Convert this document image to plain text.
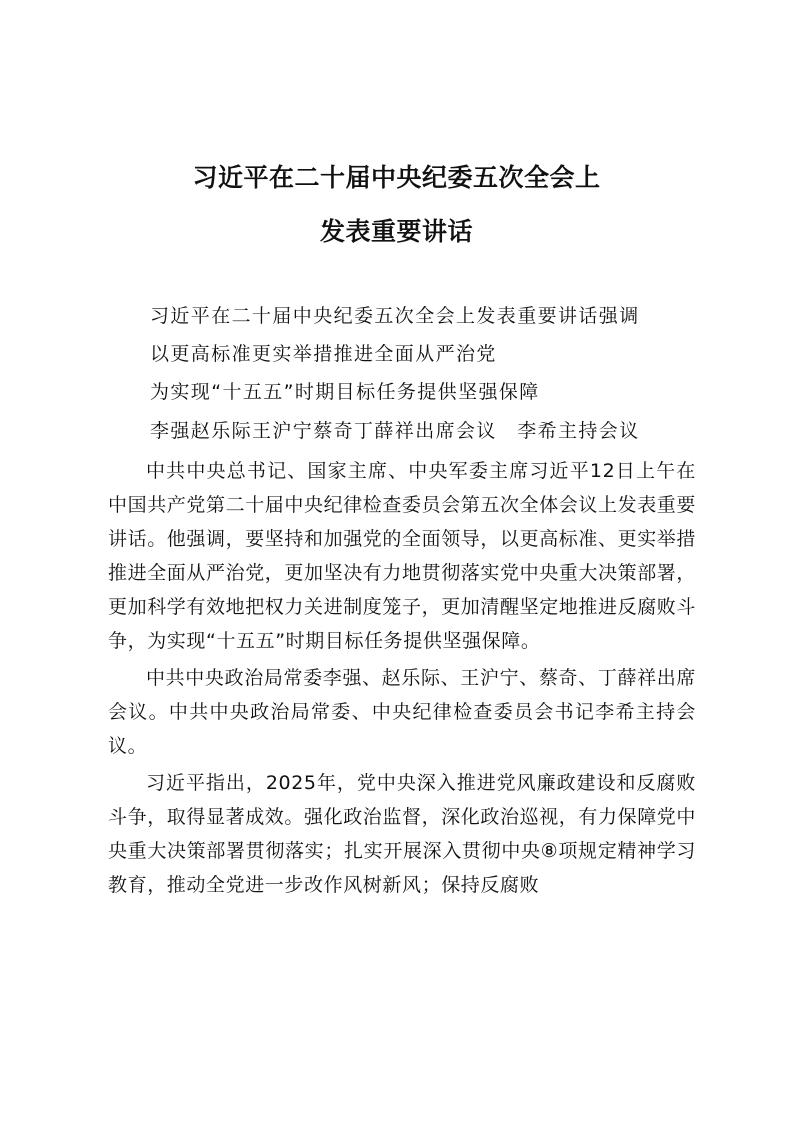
习近平在二十届中央纪委五次全会上
发表重要讲话
习近平在二十届中央纪委五次全会上发表重要讲话强调
以更高标准更实举措推进全面从严治党
为实现“十五五”时期目标任务提供坚强保障
李强赵乐际王沪宁蔡奇丁薛祥出席会议　李希主持会议

中共中央总书记、国家主席、中央军委主席习近平12日上午在中国共产党第二十届中央纪律检查委员会第五次全体会议上发表重要讲话。他强调，要坚持和加强党的全面领导，以更高标准、更实举措推进全面从严治党，更加坚决有力地贯彻落实党中央重大决策部署，更加科学有效地把权力关进制度笼子，更加清醒坚定地推进反腐败斗争，为实现“十五五”时期目标任务提供坚强保障。

中共中央政治局常委李强、赵乐际、王沪宁、蔡奇、丁薛祥出席会议。中共中央政治局常委、中央纪律检查委员会书记李希主持会议。

习近平指出，2025年，党中央深入推进党风廉政建设和反腐败斗争，取得显著成效。强化政治监督，深化政治巡视，有力保障党中央重大决策部署贯彻落实；扎实开展深入贯彻中央⑧项规定精神学习教育，推动全党进一步改作风树新风；保持反腐败
